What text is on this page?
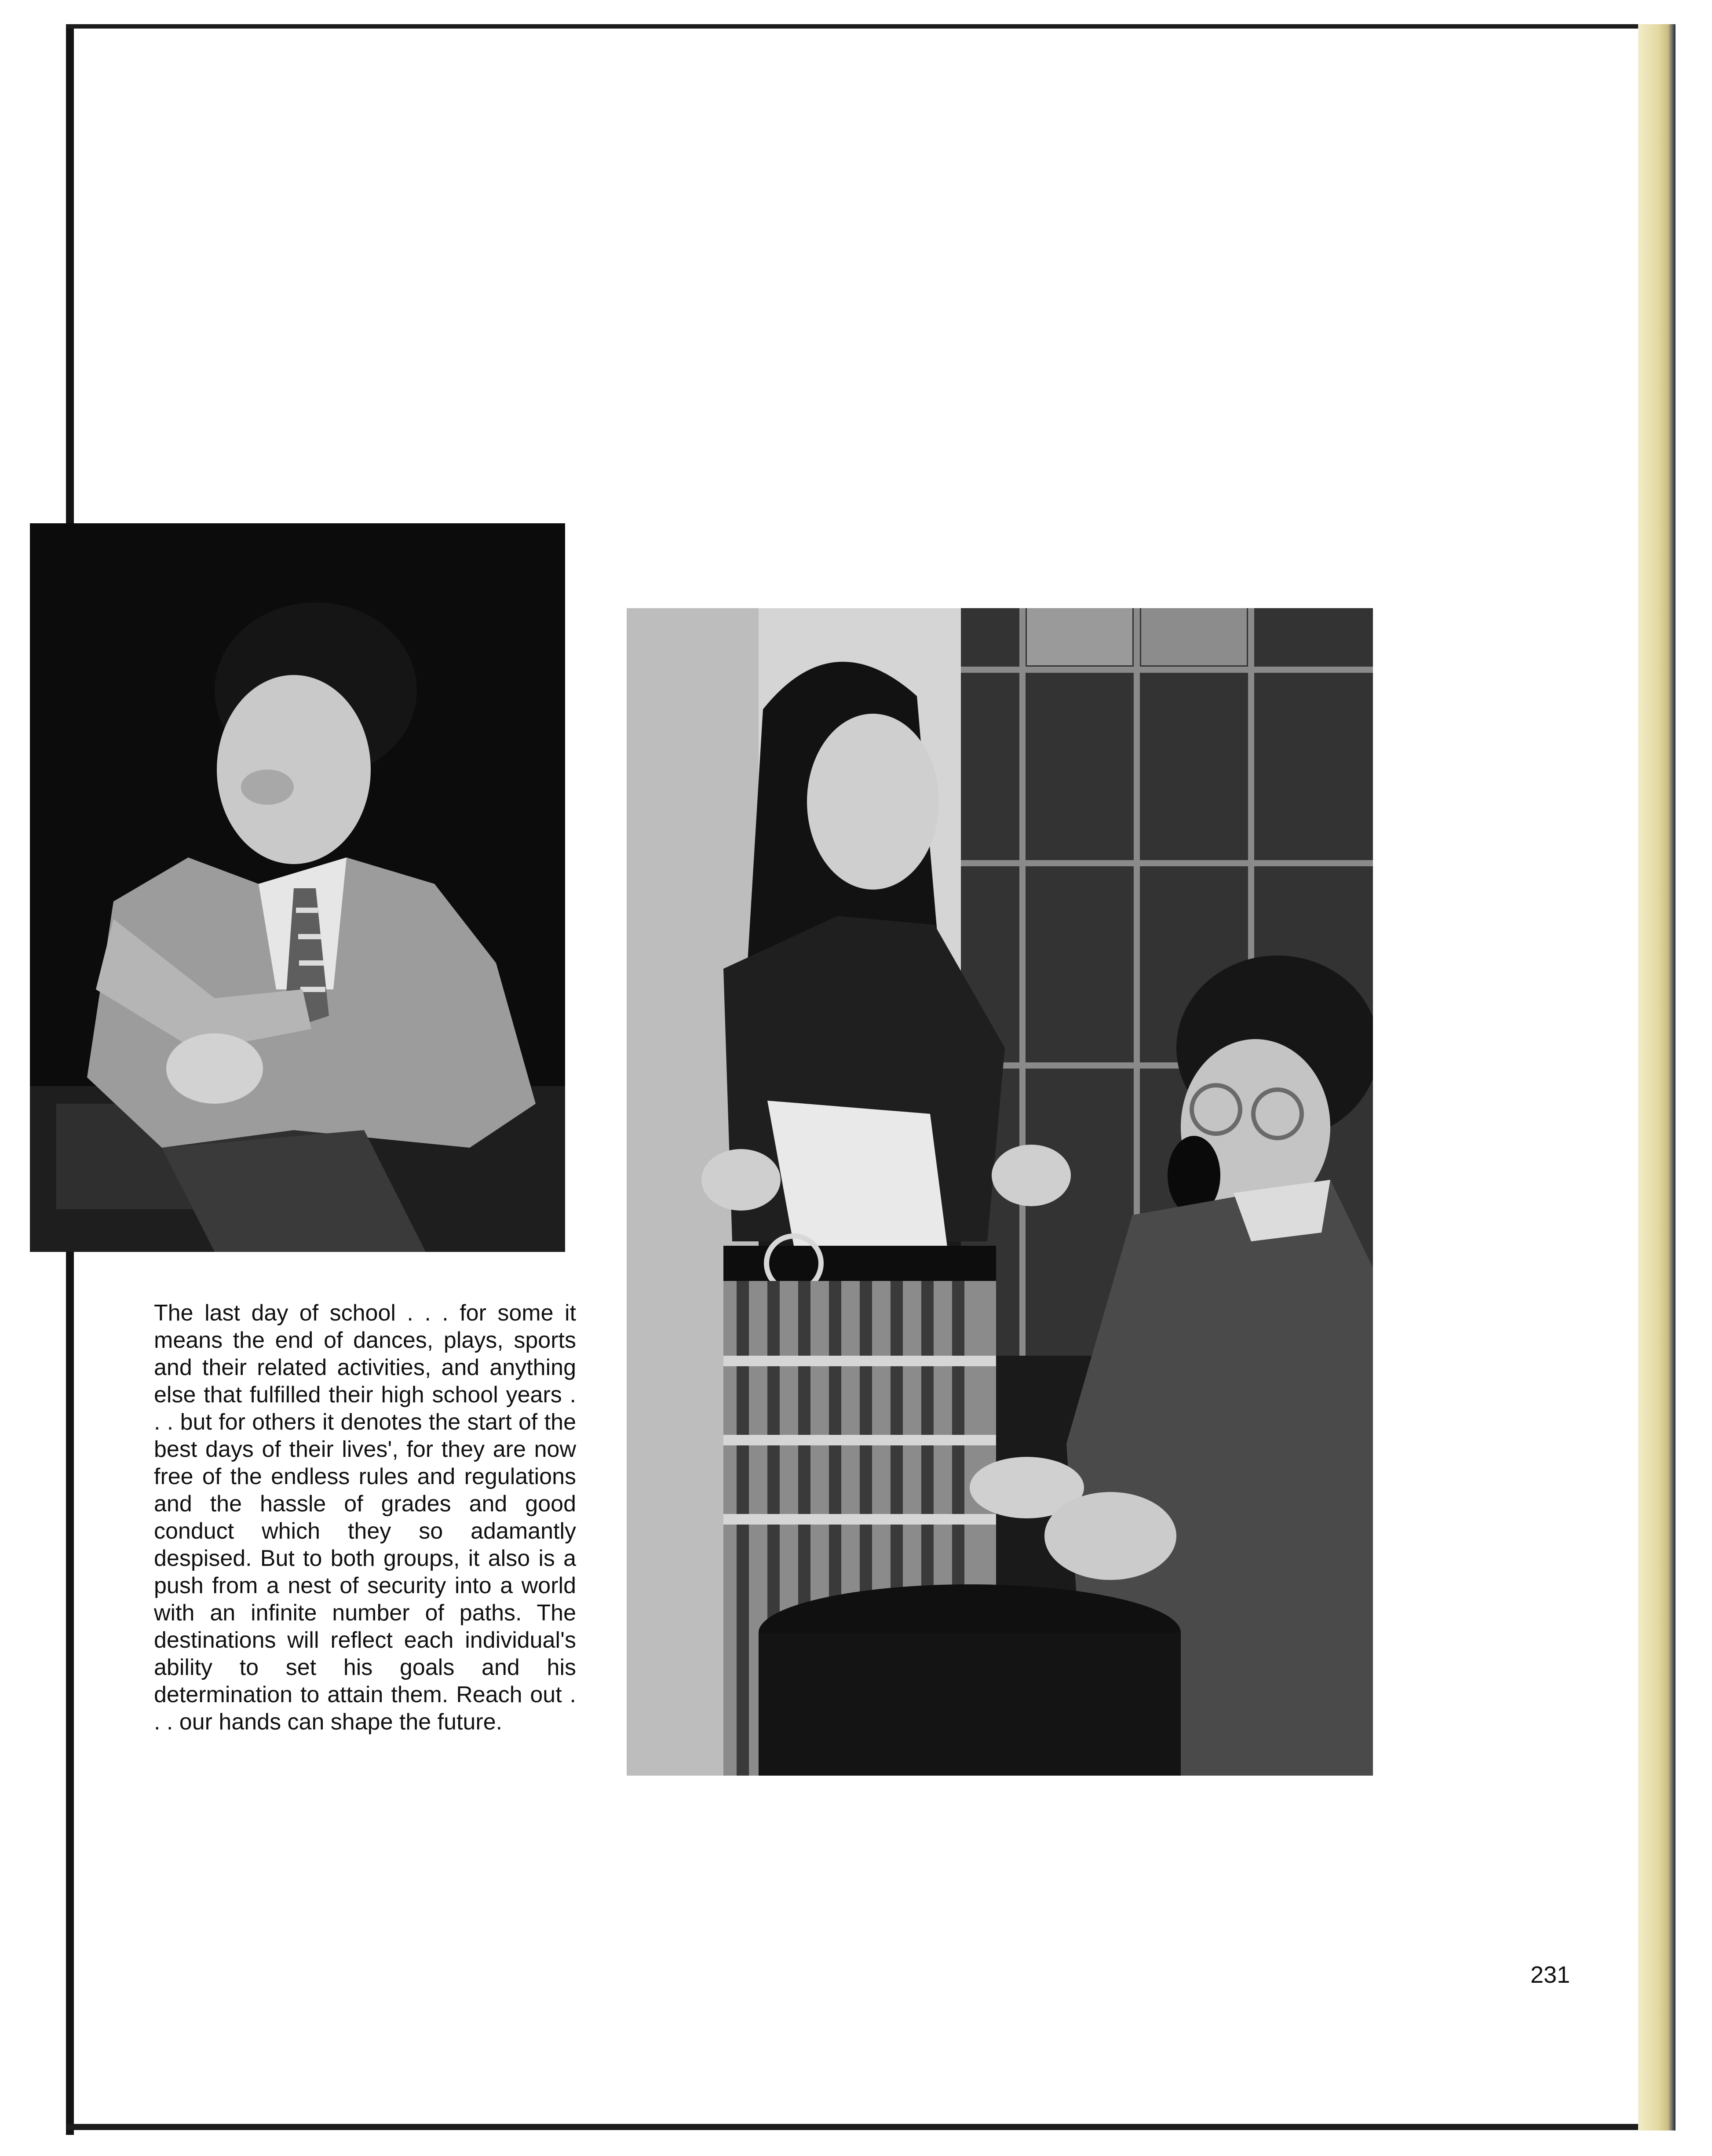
The last day of school . . . for some it means the end of dances, plays, sports and their related activities, and anything else that fulfilled their high school years . . . but for others it denotes the start of the best days of their lives', for they are now free of the endless rules and regulations and the hassle of grades and good conduct which they so adamantly despised. But to both groups, it also is a push from a nest of security into a world with an infinite number of paths. The destinations will reflect each individual's ability to set his goals and his determination to attain them. Reach out . . . our hands can shape the future.

231
